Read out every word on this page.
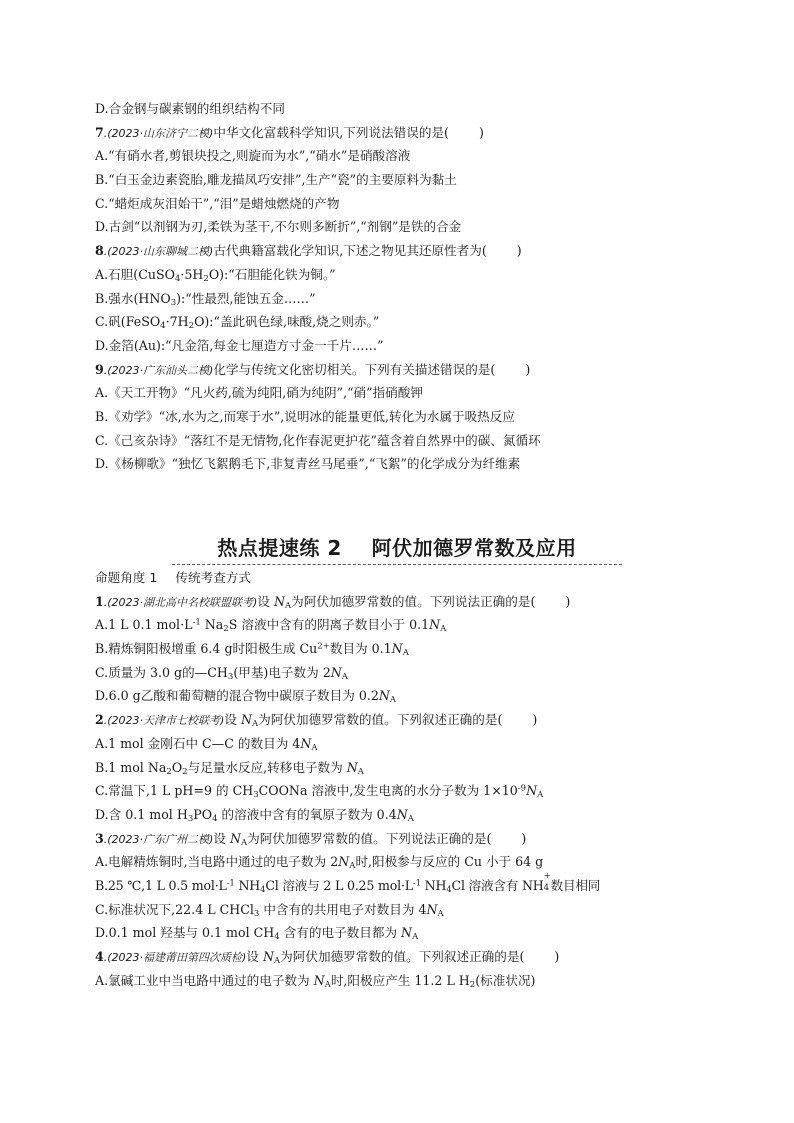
D.合金钢与碳素钢的组织结构不同
7.(2023·山东济宁二模)中华文化富载科学知识,下列说法错误的是( )
A.“有硝水者,剪银块投之,则旋而为水”,“硝水”是硝酸溶液
B.“白玉金边素瓷胎,雕龙描凤巧安排”,生产“瓷”的主要原料为黏土
C.“蜡炬成灰泪始干”,“泪”是蜡烛燃烧的产物
D.古剑“以剂钢为刃,柔铁为茎干,不尔则多断折”,“剂钢”是铁的合金
8.(2023·山东聊城二模)古代典籍富载化学知识,下述之物见其还原性者为( )
A.石胆$(CuSO_4\cdot 5H_2O):“$石胆能化铁为铜。”
B.强水$(HNO_3):“$性最烈,能蚀五金……”
C.矾$(FeSO_4\cdot 7H_2O):“$盖此矾色绿,味酸,烧之则赤。”
D.金箔(Au):“凡金箔,每金七厘造方寸金一千片……”
9.(2023·广东汕头二模)化学与传统文化密切相关。下列有关描述错误的是( )
A.《天工开物》“凡火药,硫为纯阳,硝为纯阴”,“硝”指硝酸钾
B.《劝学》“冰,水为之,而寒于水”,说明冰的能量更低,转化为水属于吸热反应
C.《己亥杂诗》“落红不是无情物,化作春泥更护花”蕴含着自然界中的碳、氮循环
D.《杨柳歌》“独忆飞絮鹅毛下,非复青丝马尾垂”,“飞絮”的化学成分为纤维素
热点提速练 2    阿伏加德罗常数及应用
命题角度 1 传统考查方式
1.(2023·湖北高中名校联盟联考)设 $N_A$为阿伏加德罗常数的值。下列说法正确的是( )
A.1 L 0.1 $mol\cdot L^{-1}$ $Na_2S$ 溶液中含有的阴离子数目小于 $0.1N_A$
B.精炼铜阳极增重 6.4 g时阳极生成 $Cu^{2+}$数目为 $0.1N_A$
C.质量为 3.0 g的$—CH_3$(甲基)电子数为 $2N_A$
D.6.0 g乙酸和葡萄糖的混合物中碳原子数目为 $0.2N_A$
2.(2023·天津市七校联考)设 $N_A$为阿伏加德罗常数的值。下列叙述正确的是( )
A.1 mol 金刚石中 C—C 的数目为 $4N_A$
B.1 mol $Na_2O_2$与足量水反应,转移电子数为 $N_A$
C.常温下,1 L pH=9 的 $CH_3COONa$ 溶液中,发生电离的水分子数为 $1\times 10^{-9}N_A$
D.含 0.1 mol $H_3PO_4$ 的溶液中含有的氧原子数为 $0.4N_A$
3.(2023·广东广州二模)设 $N_A$为阿伏加德罗常数的值。下列说法正确的是( )
A.电解精炼铜时,当电路中通过的电子数为 $2N_A$时,阳极参与反应的 Cu 小于 64 g
B.25 ℃,1 L 0.5 $mol\cdot L^{-1}$ $NH_4Cl$ 溶液与 2 L 0.25 $mol\cdot L^{-1}$ $NH_4Cl$ 溶液含有 NH
+
4 数目相同
C.标准状况下,22.4 L CHCl$_3$ 中含有的共用电子对数目为 $4N_A$
D.0.1 mol 羟基与 0.1 mol $CH_4$ 含有的电子数目都为 $N_A$
4.(2023·福建莆田第四次质检)设 $N_A$为阿伏加德罗常数的值。下列叙述正确的是( )
A.氯碱工业中当电路中通过的电子数为 $N_A$时,阳极应产生 11.2 L $H_2$(标准状况)
